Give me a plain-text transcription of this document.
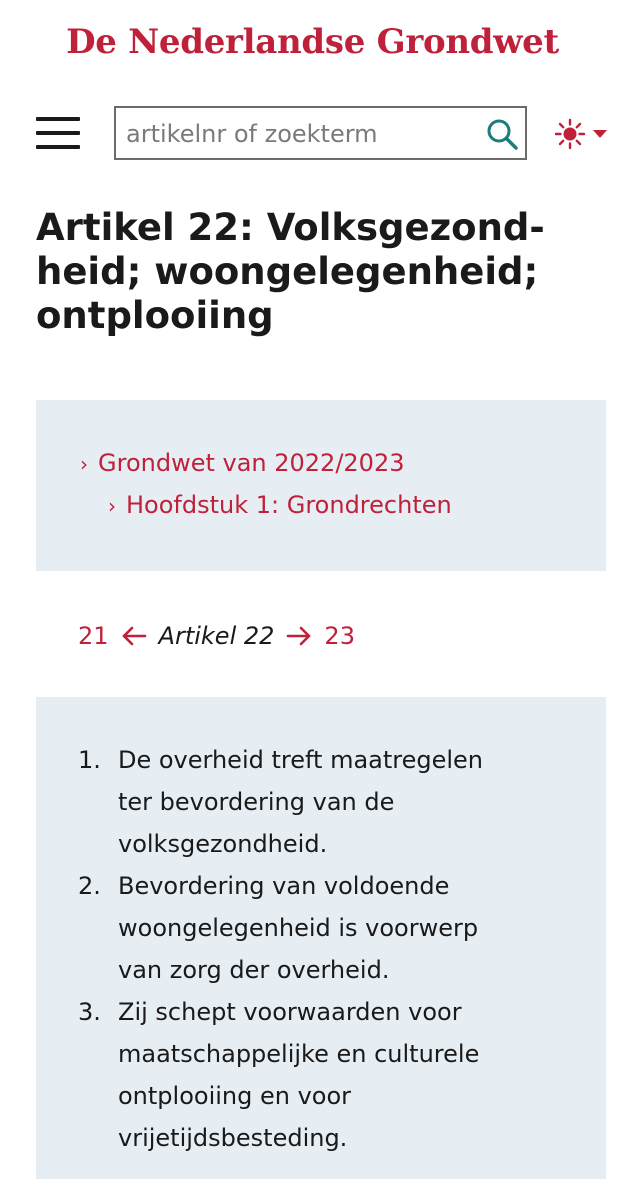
De Nederlandse Grondwet
artikelnr of zoekterm
Artikel 22: Volksgezond-
heid; woongelegenheid;
ontplooiing
› Grondwet van 2022/2023
› Hoofdstuk 1: Grondrechten
21 Artikel 22 23
1. De overheid treft maatregelen
ter bevordering van de
volksgezondheid.
2. Bevordering van voldoende
woongelegenheid is voorwerp
van zorg der overheid.
3. Zij schept voorwaarden voor
maatschappelijke en culturele
ontplooiing en voor
vrijetijdsbesteding.
